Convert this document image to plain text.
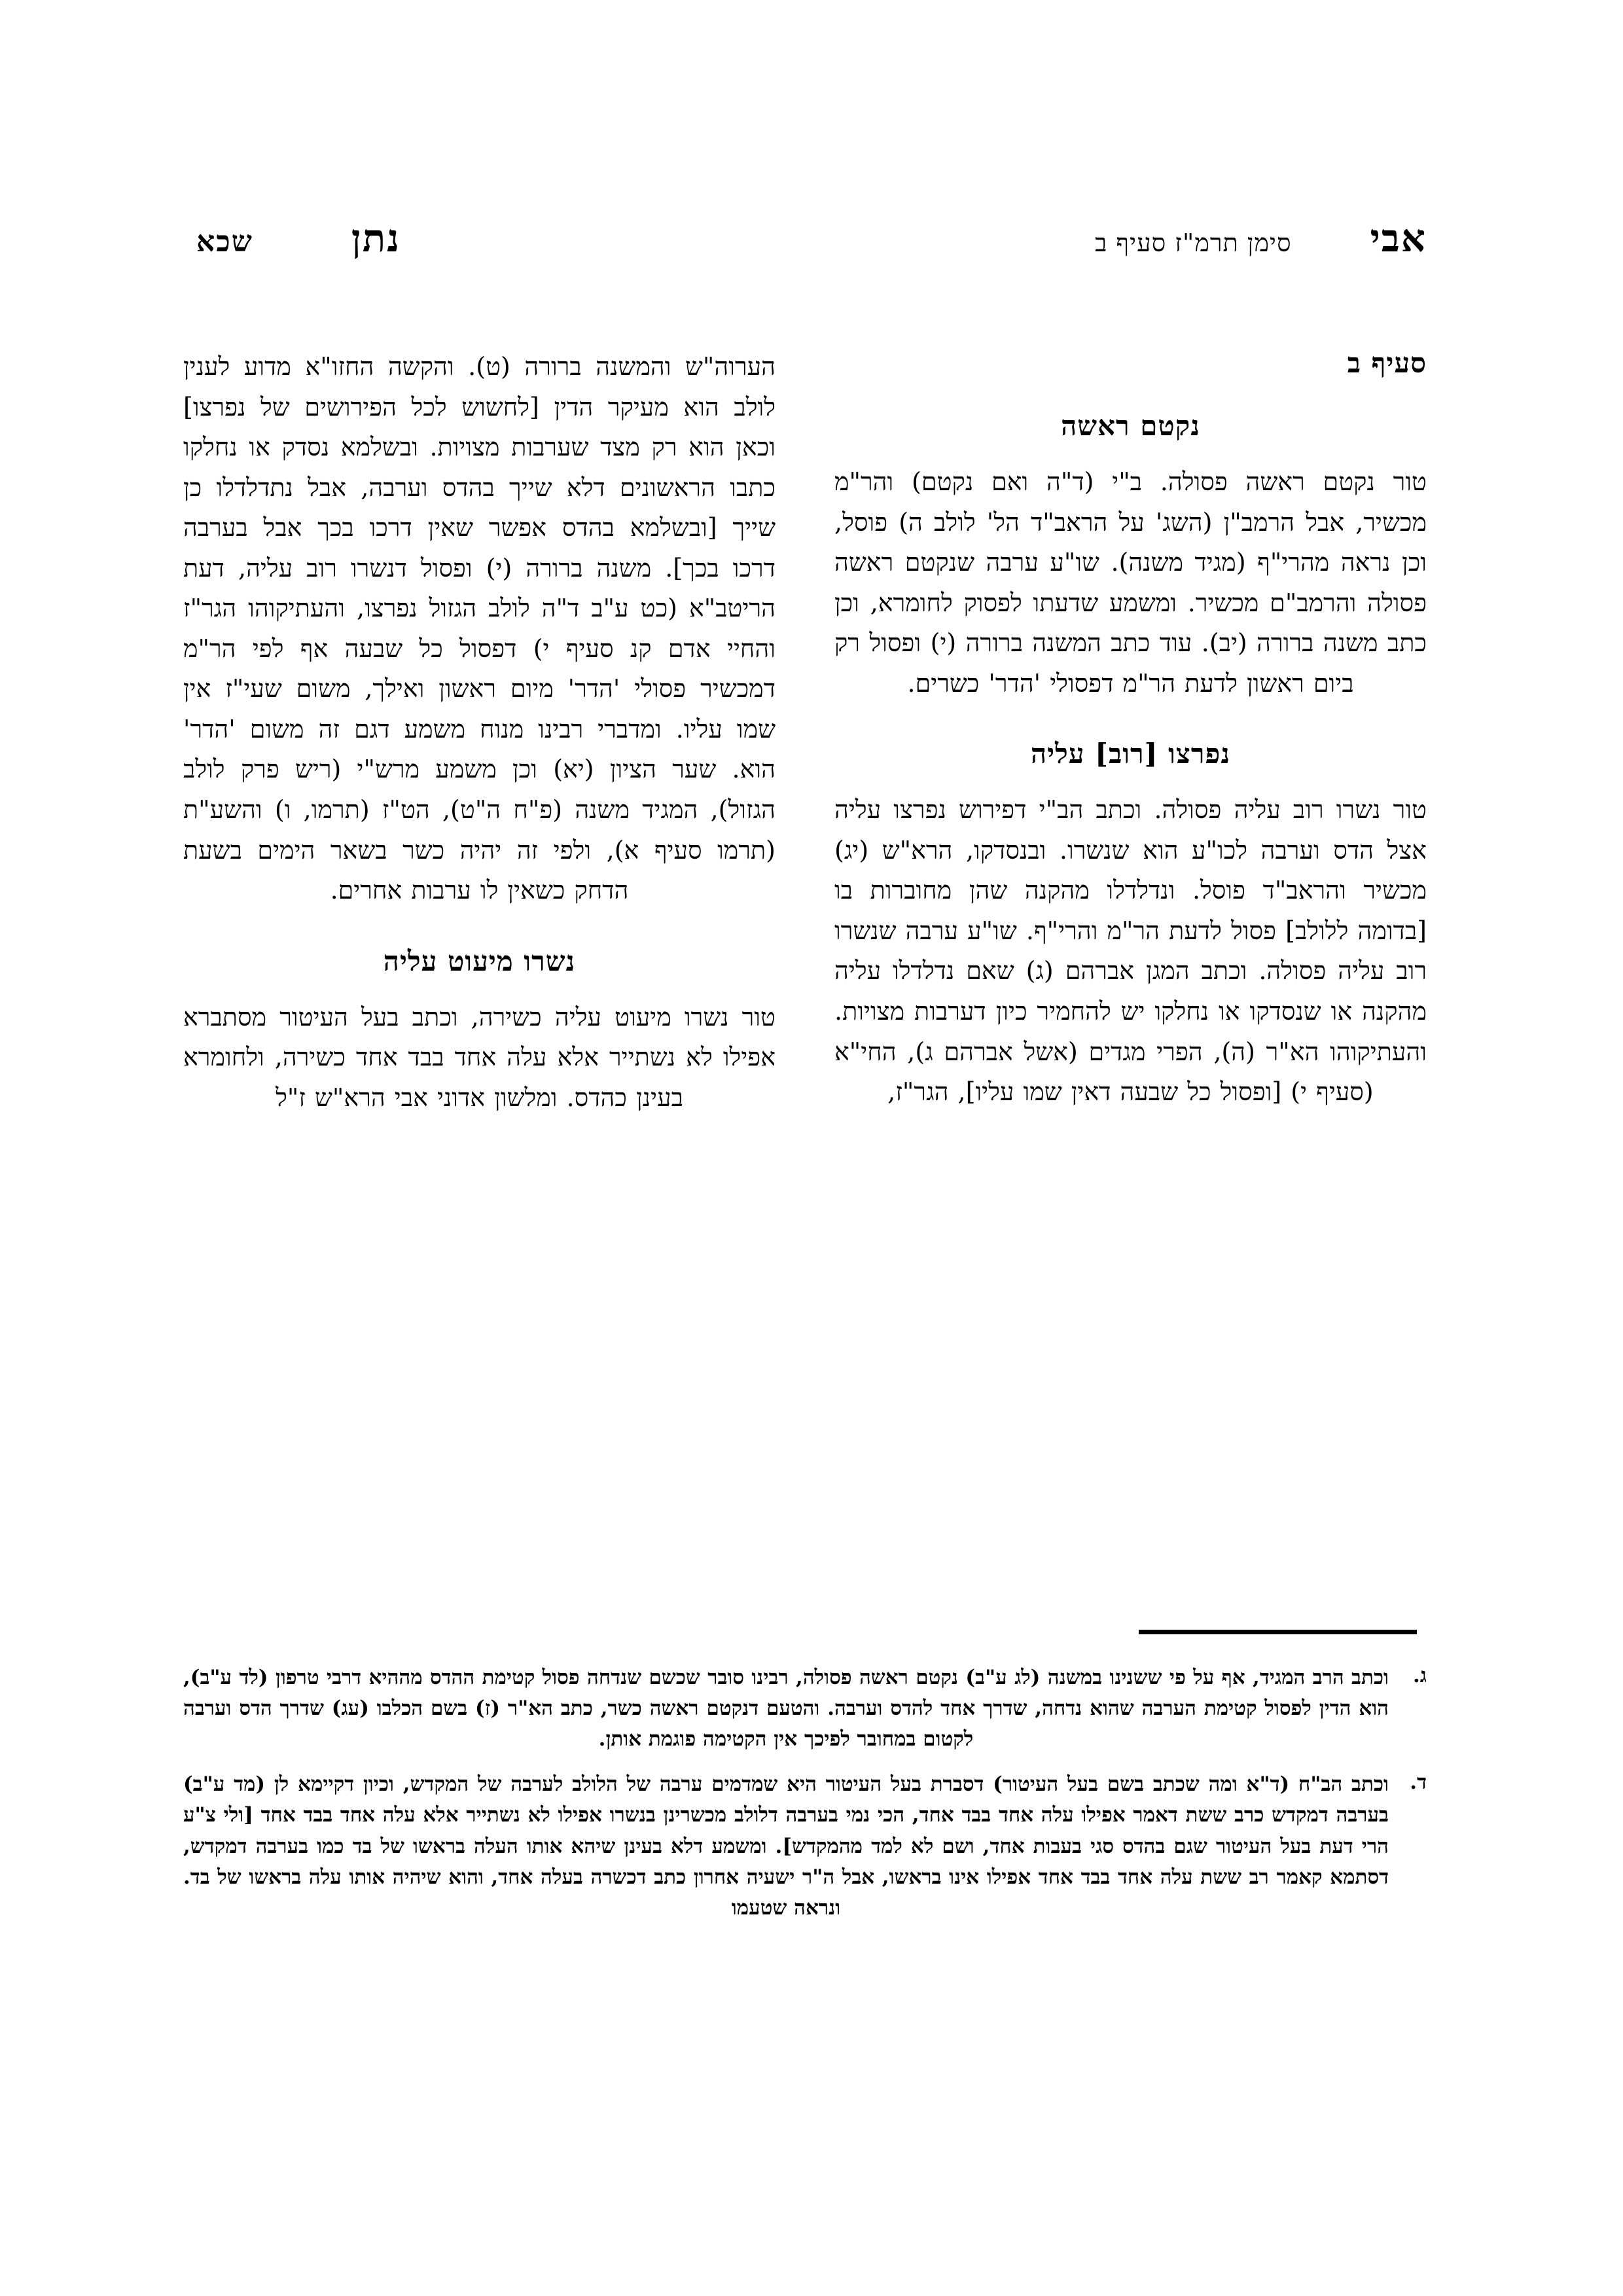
אבי
סימן תרמ"ז סעיף ב
נתן
שכא
סעיף ב
נקטם ראשה

טור נקטם ראשה פסולה. ב"י (ד"ה ואם נקטם) והר"מ מכשיר, אבל הרמב"ן (השג' על הראב"ד הל' לולב ה) פוסל, וכן נראה מהרי"ף (מגיד משנה). שו"ע ערבה שנקטם ראשה פסולה והרמב"ם מכשיר. ומשמע שדעתו לפסוק לחומרא, וכן כתב משנה ברורה (יב). עוד כתב המשנה ברורה (י) ופסול רק ביום ראשון לדעת הר"מ דפסולי 'הדר' כשרים.

נפרצו [רוב] עליה

טור נשרו רוב עליה פסולה. וכתב הב"י דפירוש נפרצו עליה אצל הדס וערבה לכו"ע הוא שנשרו. ובנסדקו, הרא"ש (יג) מכשיר והראב"ד פוסל. ונדלדלו מהקנה שהן מחוברות בו [בדומה ללולב] פסול לדעת הר"מ והרי"ף. שו"ע ערבה שנשרו רוב עליה פסולה. וכתב המגן אברהם (ג) שאם נדלדלו עליה מהקנה או שנסדקו או נחלקו יש להחמיר כיון דערבות מצויות. והעתיקוהו הא"ר (ה), הפרי מגדים (אשל אברהם ג), החי"א (סעיף י) [ופסול כל שבעה דאין שמו עליו], הגר"ז,

הערוה"ש והמשנה ברורה (ט). והקשה החזו"א מדוע לענין לולב הוא מעיקר הדין [לחשוש לכל הפירושים של נפרצו] וכאן הוא רק מצד שערבות מצויות. ובשלמא נסדק או נחלקו כתבו הראשונים דלא שייך בהדס וערבה, אבל נתדלדלו כן שייך [ובשלמא בהדס אפשר שאין דרכו בכך אבל בערבה דרכו בכך]. משנה ברורה (י) ופסול דנשרו רוב עליה, דעת הריטב"א (כט ע"ב ד"ה לולב הגזול נפרצו, והעתיקוהו הגר"ז והחיי אדם קנ סעיף י) דפסול כל שבעה אף לפי הר"מ דמכשיר פסולי 'הדר' מיום ראשון ואילך, משום שעי"ז אין שמו עליו. ומדברי רבינו מנוח משמע דגם זה משום 'הדר' הוא. שער הציון (יא) וכן משמע מרש"י (ריש פרק לולב הגזול), המגיד משנה (פ"ח ה"ט), הט"ז (תרמו, ו) והשע"ת (תרמו סעיף א), ולפי זה יהיה כשר בשאר הימים בשעת הדחק כשאין לו ערבות אחרים.

נשרו מיעוט עליה

טור נשרו מיעוט עליה כשירה, וכתב בעל העיטור מסתברא אפילו לא נשתייר אלא עלה אחד בבד אחד כשירה, ולחומרא בעינן כהדס. ומלשון אדוני אבי הרא"ש ז"ל

ג.
וכתב הרב המגיד, אף על פי ששנינו במשנה (לג ע"ב) נקטם ראשה פסולה, רבינו סובר שכשם שנדחה פסול קטימת ההדס מההיא דרבי טרפון (לד ע"ב), הוא הדין לפסול קטימת הערבה שהוא נדחה, שדרך אחד להדס וערבה. והטעם דנקטם ראשה כשר, כתב הא"ר (ז) בשם הכלבו (עג) שדרך הדס וערבה לקטום במחובר לפיכך אין הקטימה פוגמת אותן.
ד.
וכתב הב"ח (ד"א ומה שכתב בשם בעל העיטור) דסברת בעל העיטור היא שמדמים ערבה של הלולב לערבה של המקדש, וכיון דקיימא לן (מד ע"ב) בערבה דמקדש כרב ששת דאמר אפילו עלה אחד בבד אחד, הכי נמי בערבה דלולב מכשרינן בנשרו אפילו לא נשתייר אלא עלה אחד בבד אחד [ולי צ"ע הרי דעת בעל העיטור שגם בהדס סגי בעבות אחד, ושם לא למד מהמקדש]. ומשמע דלא בעינן שיהא אותו העלה בראשו של בד כמו בערבה דמקדש, דסתמא קאמר רב ששת עלה אחד בבד אחד אפילו אינו בראשו, אבל ה"ר ישעיה אחרון כתב דכשרה בעלה אחד, והוא שיהיה אותו עלה בראשו של בד. ונראה שטעמו
